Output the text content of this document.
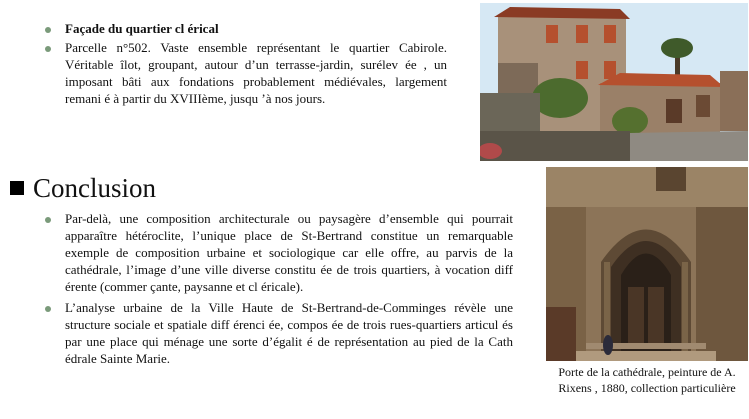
Façade du quartier cl érical
Parcelle n°502. Vaste ensemble représentant le quartier Cabirole. Véritable îlot, groupant, autour d’un terrasse-jardin, surélev ée , un imposant bâti aux fondations probablement médiévales, largement remani é à partir du XVIIIème, jusqu ’à nos jours.
Conclusion
Par-delà, une composition architecturale ou paysagère d’ensemble qui pourrait apparaître hétéroclite, l’unique place de St-Bertrand constitue un remarquable exemple de composition urbaine et sociologique car elle offre, au parvis de la cathédrale, l’image d’une ville diverse constitu ée de trois quartiers, à vocation diff érente (commer çante, paysanne et cl éricale).
L’analyse urbaine de la Ville Haute de St-Bertrand-de-Comminges révèle une structure sociale et spatiale diff érenci ée, compos ée de trois rues-quartiers articul és par une place qui ménage une sorte d’égalit é de représentation au pied de la Cath édrale Sainte Marie.
Porte de la cathédrale, peinture de A. Rixens , 1880, collection particulière
